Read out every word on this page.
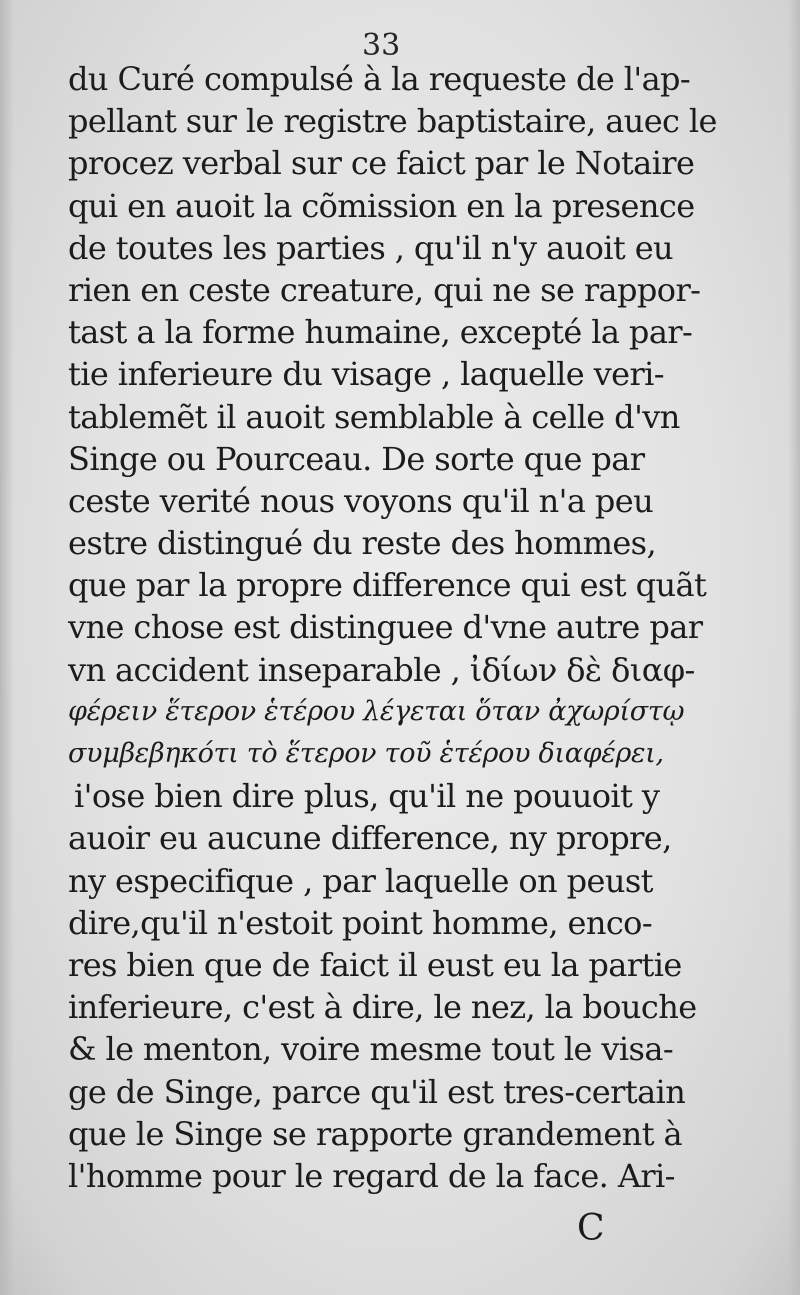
33
du Curé compulsé à la requeste de l'ap-
pellant sur le registre baptistaire, auec le
procez verbal sur ce faict par le Notaire
qui en auoit la cõmission en la presence
de toutes les parties , qu'il n'y auoit eu
rien en ceste creature, qui ne se rappor-
tast a la forme humaine, excepté la par-
tie inferieure du visage , laquelle veri-
tablemẽt il auoit semblable à celle d'vn
Singe ou Pourceau. De sorte que par
ceste verité nous voyons qu'il n'a peu
estre distingué du reste des hommes,
que par la propre difference qui est quãt
vne chose est distinguee d'vne autre par
vn accident inseparable , ἰδίων δὲ διαφ-
φέρειν ἕτερον ἑτέρου λέγεται ὅταν ἀχωρίστῳ
συμβεβηκότι τὸ ἕτερον τοῦ ἑτέρου διαφέρει,
i'ose bien dire plus, qu'il ne pouuoit y
auoir eu aucune difference, ny propre,
ny especifique , par laquelle on peust
dire,qu'il n'estoit point homme, enco-
res bien que de faict il eust eu la partie
inferieure, c'est à dire, le nez, la bouche
& le menton, voire mesme tout le visa-
ge de Singe, parce qu'il est tres-certain
que le Singe se rapporte grandement à
l'homme pour le regard de la face. Ari-
C
